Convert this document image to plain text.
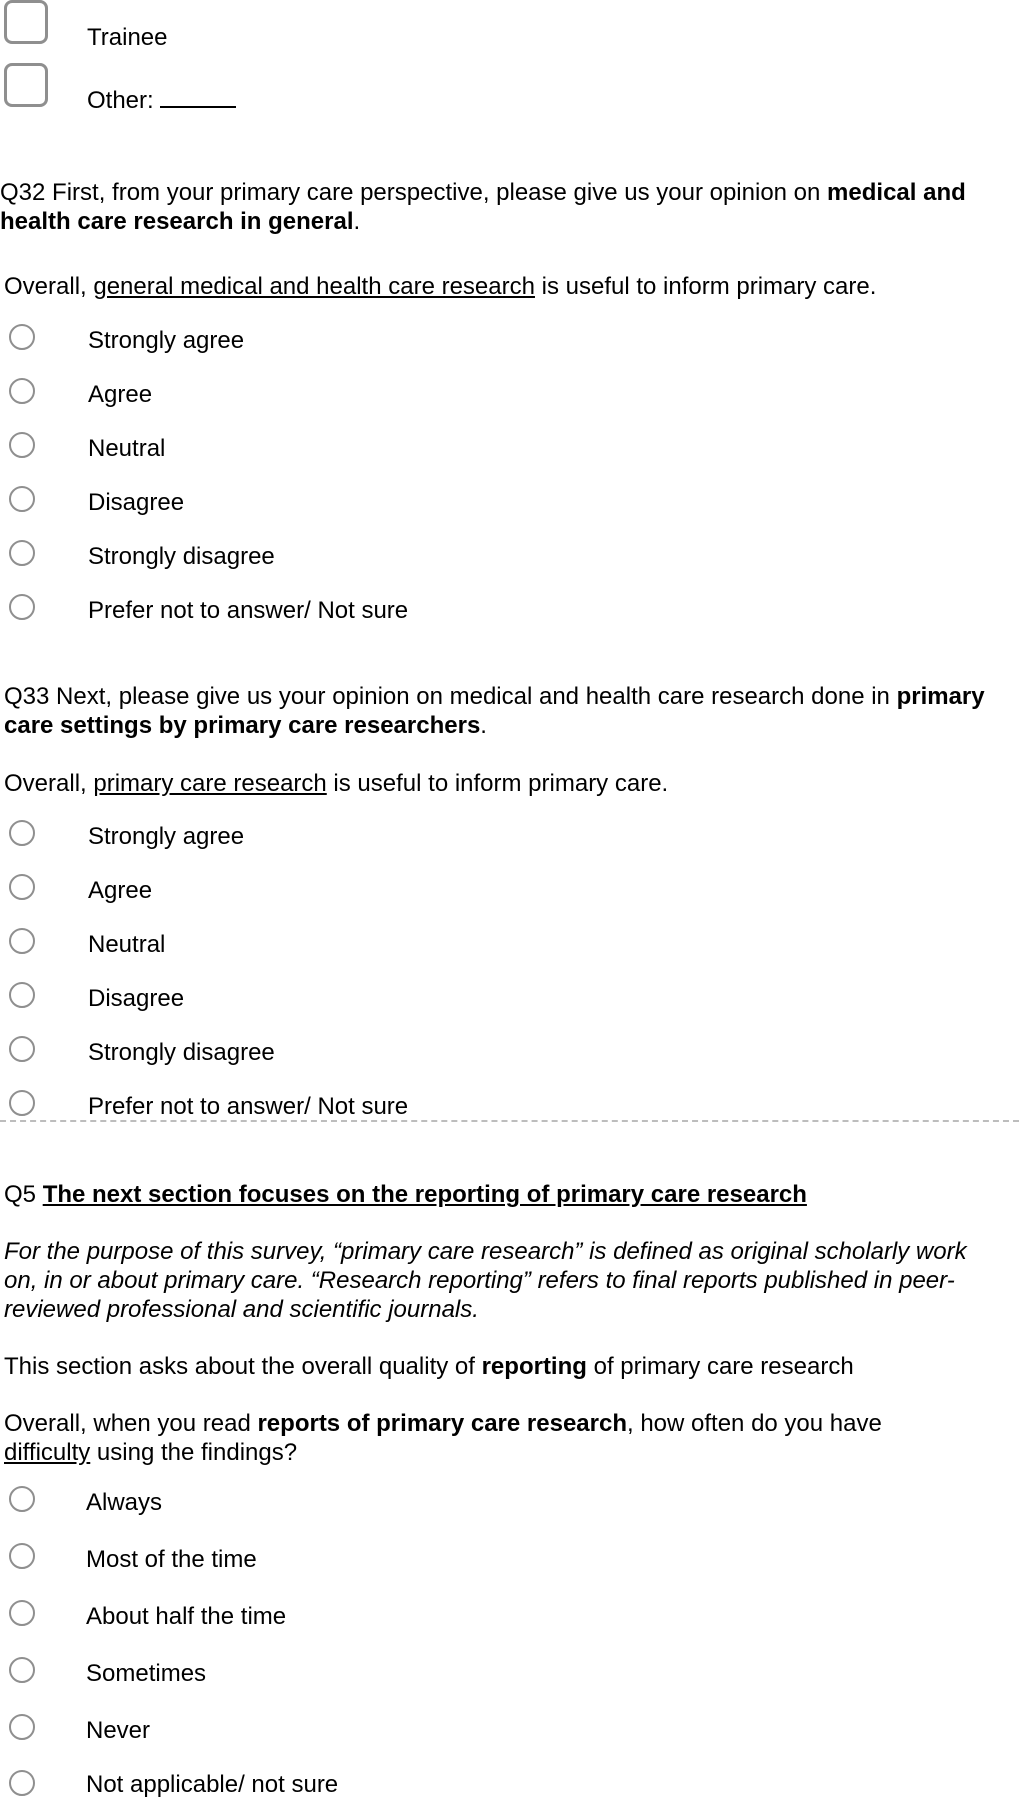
Trainee
Other:
Q32 First, from your primary care perspective, please give us your opinion on medical and health care research in general.
Overall, general medical and health care research is useful to inform primary care.
Strongly agree
Agree
Neutral
Disagree
Strongly disagree
Prefer not to answer/ Not sure
Q33 Next, please give us your opinion on medical and health care research done in primary care settings by primary care researchers.
Overall, primary care research is useful to inform primary care.
Strongly agree
Agree
Neutral
Disagree
Strongly disagree
Prefer not to answer/ Not sure
Q5 The next section focuses on the reporting of primary care research
For the purpose of this survey, “primary care research” is defined as original scholarly work on, in or about primary care. “Research reporting” refers to final reports published in peer-reviewed professional and scientific journals.
This section asks about the overall quality of reporting of primary care research
Overall, when you read reports of primary care research, how often do you have difficulty using the findings?
Always
Most of the time
About half the time
Sometimes
Never
Not applicable/ not sure
